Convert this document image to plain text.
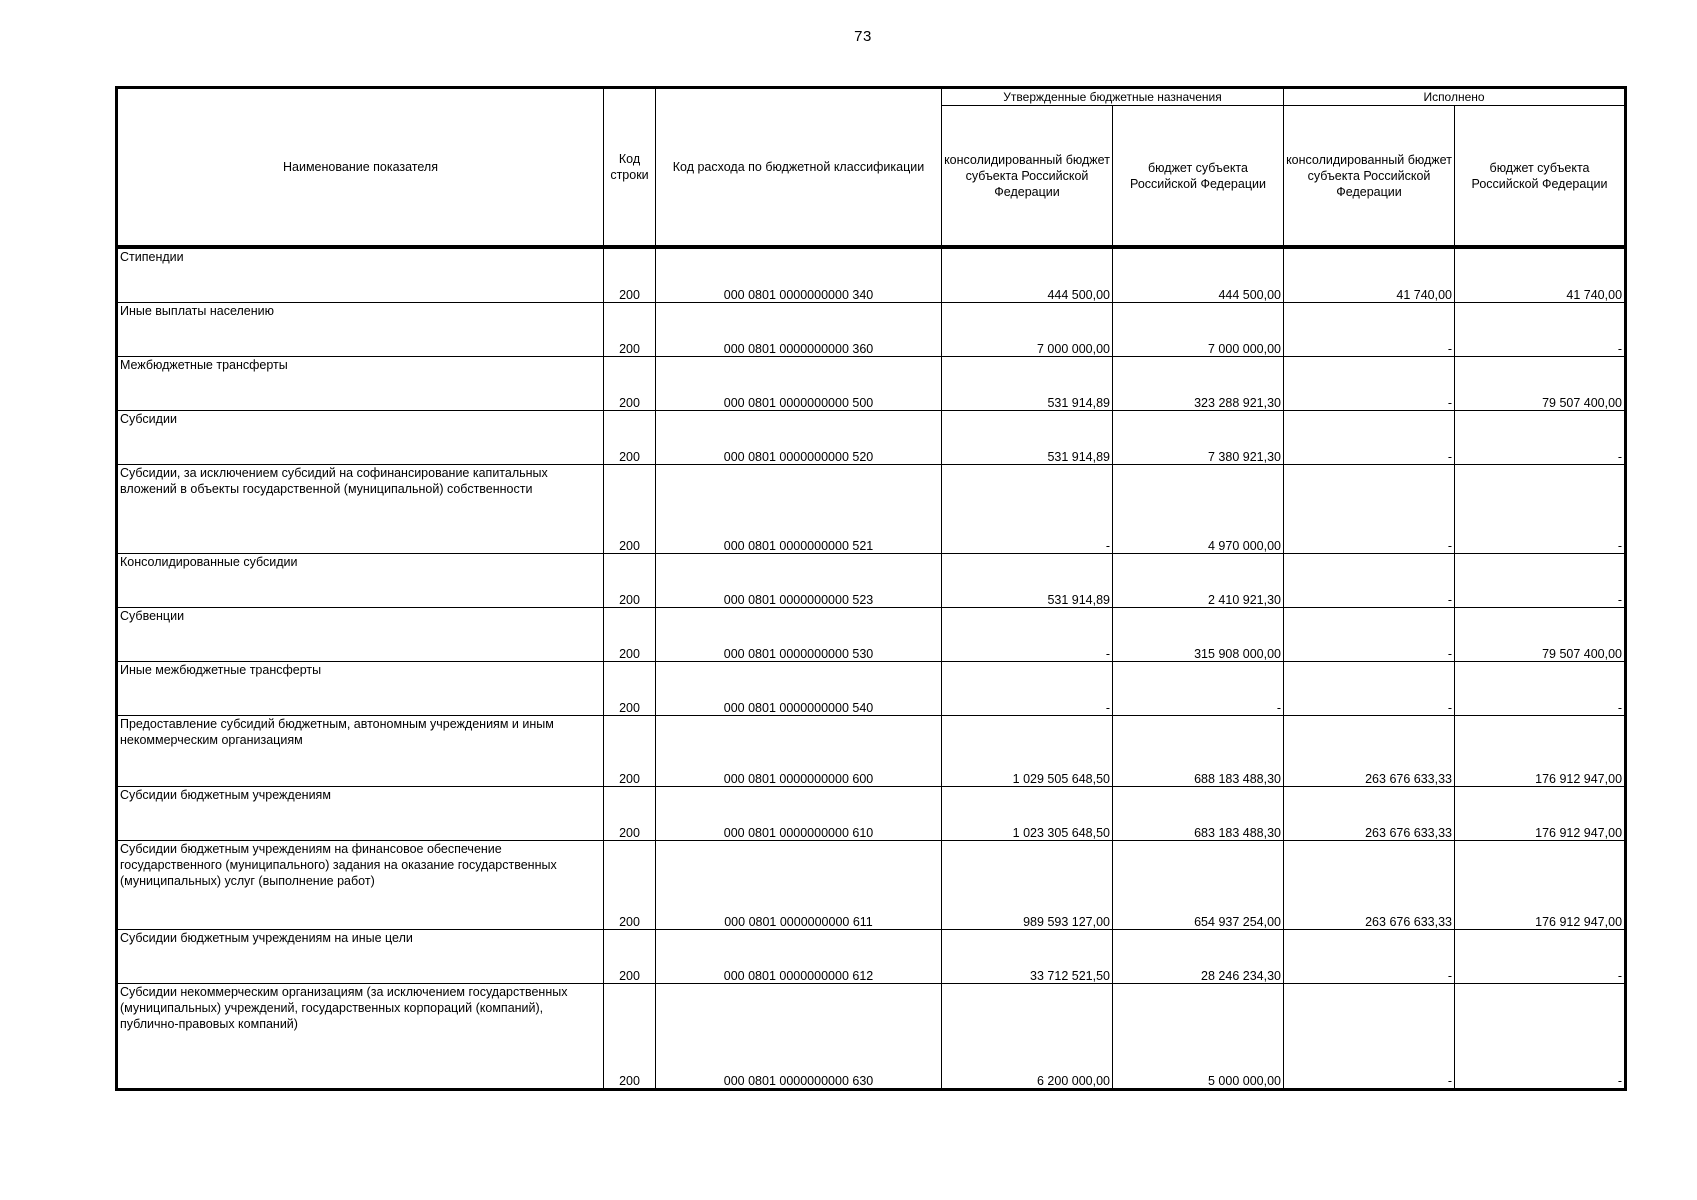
73
Наименование показателя	Код строки	Код расхода по бюджетной классификации	Утвержденные бюджетные назначения		Исполнено	
			консолидированный бюджет субъекта Российской Федерации	бюджет субъекта Российской Федерации	консолидированный бюджет субъекта Российской Федерации	бюджет субъекта Российской Федерации

Стипендии	200	000 0801 0000000000 340	444 500,00	444 500,00	41 740,00	41 740,00
Иные выплаты населению	200	000 0801 0000000000 360	7 000 000,00	7 000 000,00	-	-
Межбюджетные трансферты	200	000 0801 0000000000 500	531 914,89	323 288 921,30	-	79 507 400,00
Субсидии	200	000 0801 0000000000 520	531 914,89	7 380 921,30	-	-
Субсидии, за исключением субсидий на софинансирование капитальных вложений в объекты государственной (муниципальной) собственности	200	000 0801 0000000000 521	-	4 970 000,00	-	-
Консолидированные субсидии	200	000 0801 0000000000 523	531 914,89	2 410 921,30	-	-
Субвенции	200	000 0801 0000000000 530	-	315 908 000,00	-	79 507 400,00
Иные межбюджетные трансферты	200	000 0801 0000000000 540	-	-	-	-
Предоставление субсидий бюджетным, автономным учреждениям и иным некоммерческим организациям	200	000 0801 0000000000 600	1 029 505 648,50	688 183 488,30	263 676 633,33	176 912 947,00
Субсидии бюджетным учреждениям	200	000 0801 0000000000 610	1 023 305 648,50	683 183 488,30	263 676 633,33	176 912 947,00
Субсидии бюджетным учреждениям на финансовое обеспечение государственного (муниципального) задания на оказание государственных (муниципальных) услуг (выполнение работ)	200	000 0801 0000000000 611	989 593 127,00	654 937 254,00	263 676 633,33	176 912 947,00
Субсидии бюджетным учреждениям на иные цели	200	000 0801 0000000000 612	33 712 521,50	28 246 234,30	-	-
Субсидии некоммерческим организациям (за исключением государственных (муниципальных) учреждений, государственных корпораций (компаний), публично-правовых компаний)	200	000 0801 0000000000 630	6 200 000,00	5 000 000,00	-	-
